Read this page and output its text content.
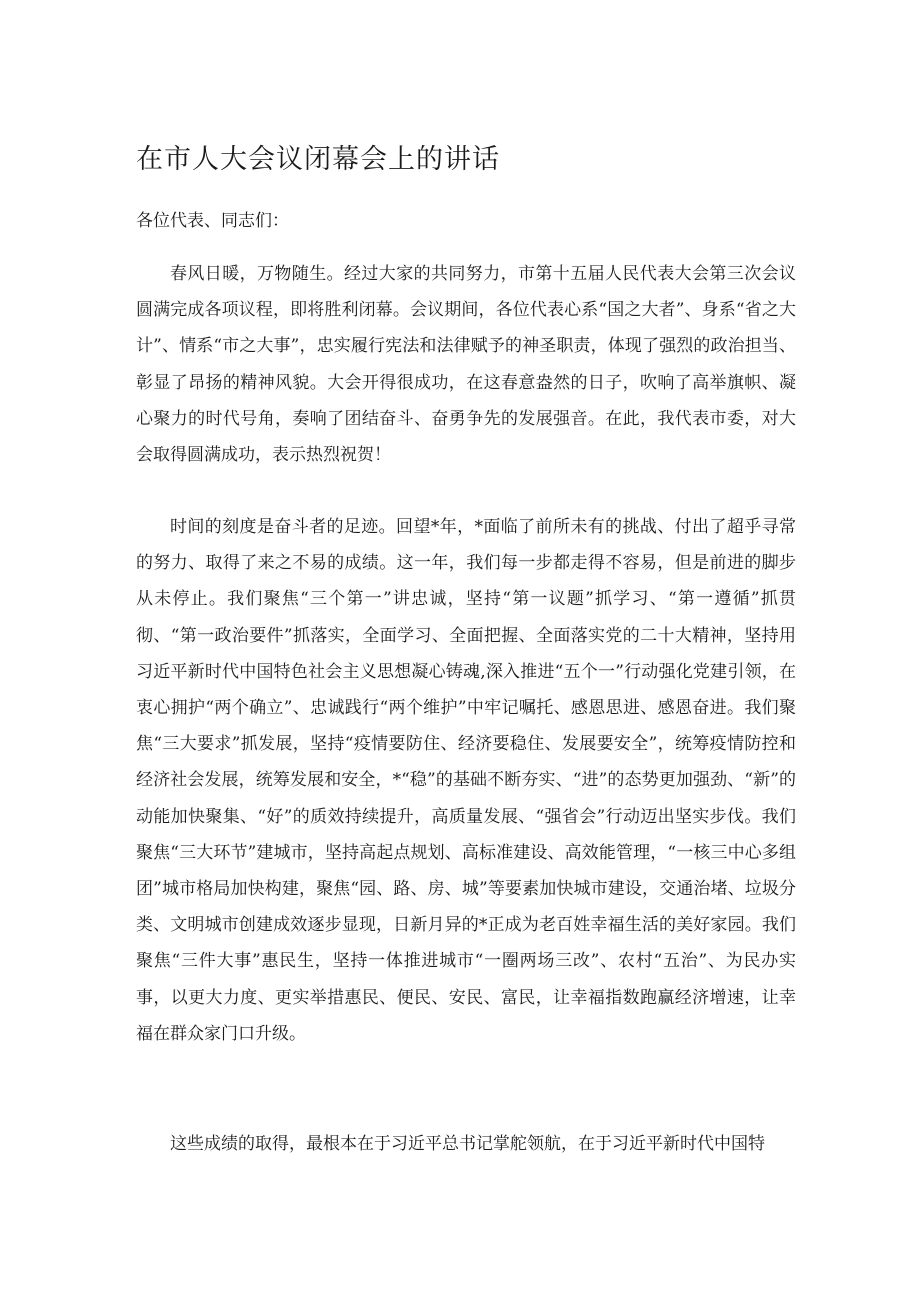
在市人大会议闭幕会上的讲话

各位代表、同志们：

春风日暖，万物随生。经过大家的共同努力，市第十五届人民代表大会第三次会议圆满完成各项议程，即将胜利闭幕。会议期间，各位代表心系“国之大者”、身系“省之大计”、情系“市之大事”，忠实履行宪法和法律赋予的神圣职责，体现了强烈的政治担当、彰显了昂扬的精神风貌。大会开得很成功，在这春意盎然的日子，吹响了高举旗帜、凝心聚力的时代号角，奏响了团结奋斗、奋勇争先的发展强音。在此，我代表市委，对大会取得圆满成功，表示热烈祝贺！

时间的刻度是奋斗者的足迹。回望*年，*面临了前所未有的挑战、付出了超乎寻常的努力、取得了来之不易的成绩。这一年，我们每一步都走得不容易，但是前进的脚步从未停止。我们聚焦“三个第一”讲忠诚，坚持“第一议题”抓学习、“第一遵循”抓贯彻、“第一政治要件”抓落实，全面学习、全面把握、全面落实党的二十大精神，坚持用习近平新时代中国特色社会主义思想凝心铸魂,深入推进“五个一”行动强化党建引领，在衷心拥护“两个确立”、忠诚践行“两个维护”中牢记嘱托、感恩思进、感恩奋进。我们聚焦“三大要求”抓发展，坚持“疫情要防住、经济要稳住、发展要安全”，统筹疫情防控和经济社会发展，统筹发展和安全，*“稳”的基础不断夯实、“进”的态势更加强劲、“新”的动能加快聚集、“好”的质效持续提升，高质量发展、“强省会”行动迈出坚实步伐。我们聚焦“三大环节”建城市，坚持高起点规划、高标准建设、高效能管理，“一核三中心多组团”城市格局加快构建，聚焦“园、路、房、城”等要素加快城市建设，交通治堵、垃圾分类、文明城市创建成效逐步显现，日新月异的*正成为老百姓幸福生活的美好家园。我们聚焦“三件大事”惠民生，坚持一体推进城市“一圈两场三改”、农村“五治”、为民办实事，以更大力度、更实举措惠民、便民、安民、富民，让幸福指数跑赢经济增速，让幸福在群众家门口升级。

这些成绩的取得，最根本在于习近平总书记掌舵领航，在于习近平新时代中国特
